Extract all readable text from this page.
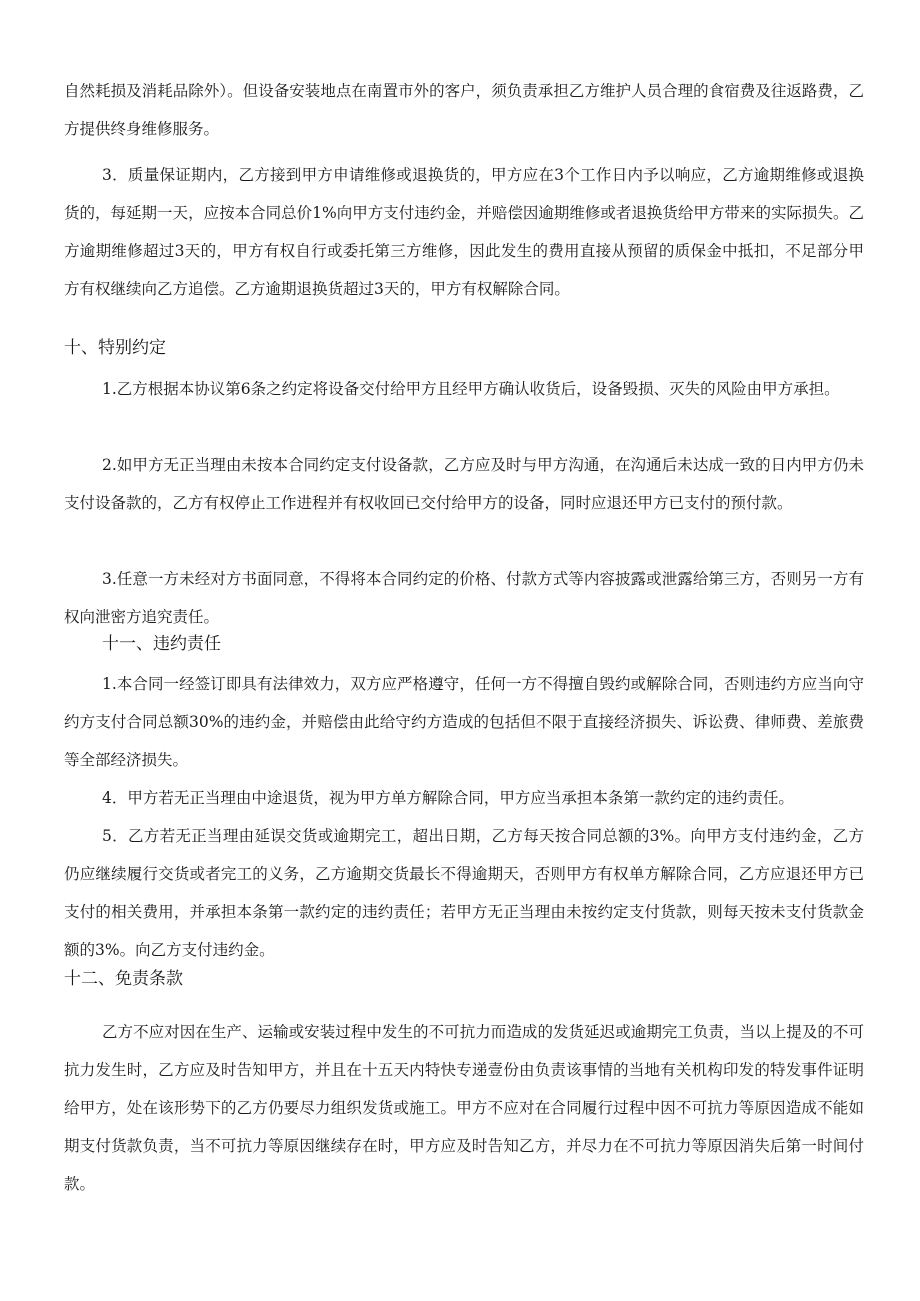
自然耗损及消耗品除外）。但设备安装地点在南置市外的客户，须负责承担乙方维护人员合理的食宿费及往返路费，乙方提供终身维修服务。

3．质量保证期内，乙方接到甲方申请维修或退换货的，甲方应在3个工作日内予以响应，乙方逾期维修或退换货的，每延期一天，应按本合同总价1%向甲方支付违约金，并赔偿因逾期维修或者退换货给甲方带来的实际损失。乙方逾期维修超过3天的，甲方有权自行或委托第三方维修，因此发生的费用直接从预留的质保金中抵扣，不足部分甲方有权继续向乙方追偿。乙方逾期退换货超过3天的，甲方有权解除合同。

十、特别约定

1.乙方根据本协议第6条之约定将设备交付给甲方且经甲方确认收货后，设备毁损、灭失的风险由甲方承担。

2.如甲方无正当理由未按本合同约定支付设备款，乙方应及时与甲方沟通，在沟通后未达成一致的日内甲方仍未支付设备款的，乙方有权停止工作进程并有权收回已交付给甲方的设备，同时应退还甲方已支付的预付款。

3.任意一方未经对方书面同意，不得将本合同约定的价格、付款方式等内容披露或泄露给第三方，否则另一方有权向泄密方追究责任。

十一、违约责任

1.本合同一经签订即具有法律效力，双方应严格遵守，任何一方不得擅自毁约或解除合同，否则违约方应当向守约方支付合同总额30%的违约金，并赔偿由此给守约方造成的包括但不限于直接经济损失、诉讼费、律师费、差旅费等全部经济损失。

4．甲方若无正当理由中途退货，视为甲方单方解除合同，甲方应当承担本条第一款约定的违约责任。

5．乙方若无正当理由延误交货或逾期完工，超出日期，乙方每天按合同总额的3%。向甲方支付违约金，乙方仍应继续履行交货或者完工的义务，乙方逾期交货最长不得逾期天，否则甲方有权单方解除合同，乙方应退还甲方已支付的相关费用，并承担本条第一款约定的违约责任；若甲方无正当理由未按约定支付货款，则每天按未支付货款金额的3%。向乙方支付违约金。

十二、免责条款

乙方不应对因在生产、运输或安装过程中发生的不可抗力而造成的发货延迟或逾期完工负责，当以上提及的不可抗力发生时，乙方应及时告知甲方，并且在十五天内特快专递壹份由负责该事情的当地有关机构印发的特发事件证明给甲方，处在该形势下的乙方仍要尽力组织发货或施工。甲方不应对在合同履行过程中因不可抗力等原因造成不能如期支付货款负责，当不可抗力等原因继续存在时，甲方应及时告知乙方，并尽力在不可抗力等原因消失后第一时间付款。
